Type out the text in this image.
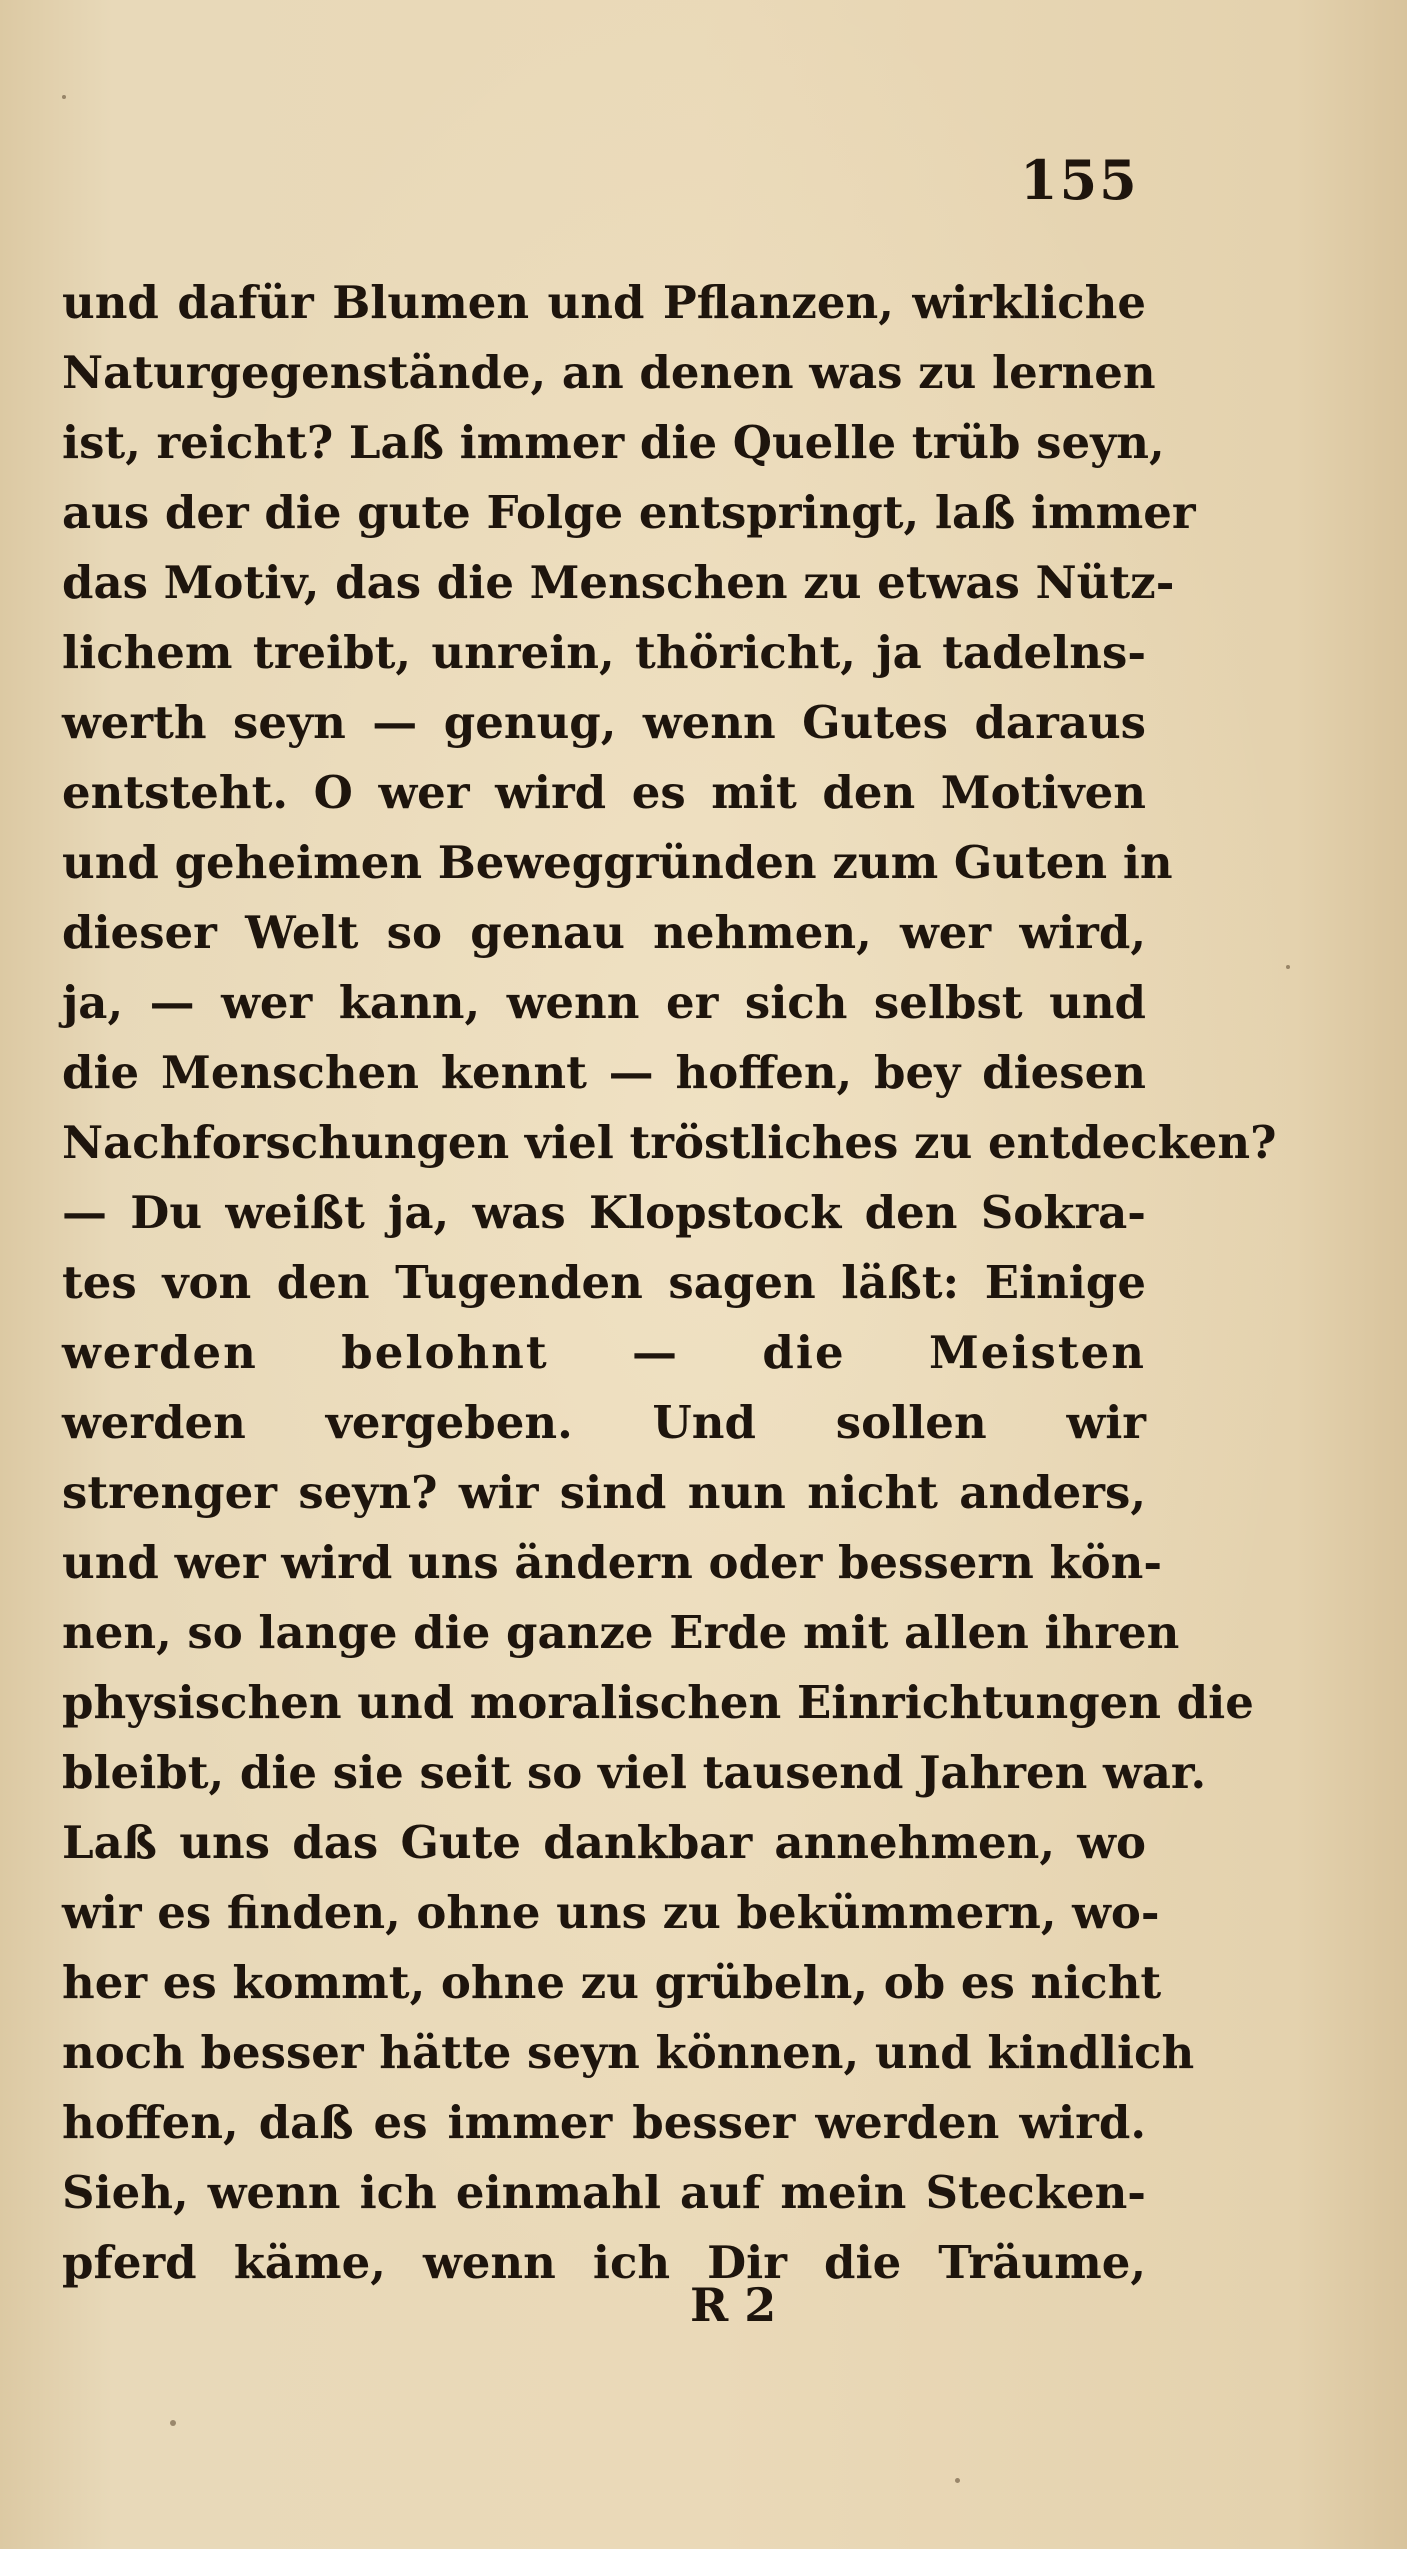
155
und dafür Blumen und Pflanzen, wirkliche
Naturgegenstände, an denen was zu lernen
ist, reicht? Laß immer die Quelle trüb seyn,
aus der die gute Folge entspringt, laß immer
das Motiv, das die Menschen zu etwas Nütz-
lichem treibt, unrein, thöricht, ja tadelns-
werth seyn — genug, wenn Gutes daraus
entsteht. O wer wird es mit den Motiven
und geheimen Beweggründen zum Guten in
dieser Welt so genau nehmen, wer wird,
ja, — wer kann, wenn er sich selbst und
die Menschen kennt — hoffen, bey diesen
Nachforschungen viel tröstliches zu entdecken?
— Du weißt ja, was Klopstock den Sokra-
tes von den Tugenden sagen läßt: Einige
werden belohnt — die Meisten
werden vergeben. Und sollen wir
strenger seyn? wir sind nun nicht anders,
und wer wird uns ändern oder bessern kön-
nen, so lange die ganze Erde mit allen ihren
physischen und moralischen Einrichtungen die
bleibt, die sie seit so viel tausend Jahren war.
Laß uns das Gute dankbar annehmen, wo
wir es finden, ohne uns zu bekümmern, wo-
her es kommt, ohne zu grübeln, ob es nicht
noch besser hätte seyn können, und kindlich
hoffen, daß es immer besser werden wird.
Sieh, wenn ich einmahl auf mein Stecken-
pferd käme, wenn ich Dir die Träume,
R 2
